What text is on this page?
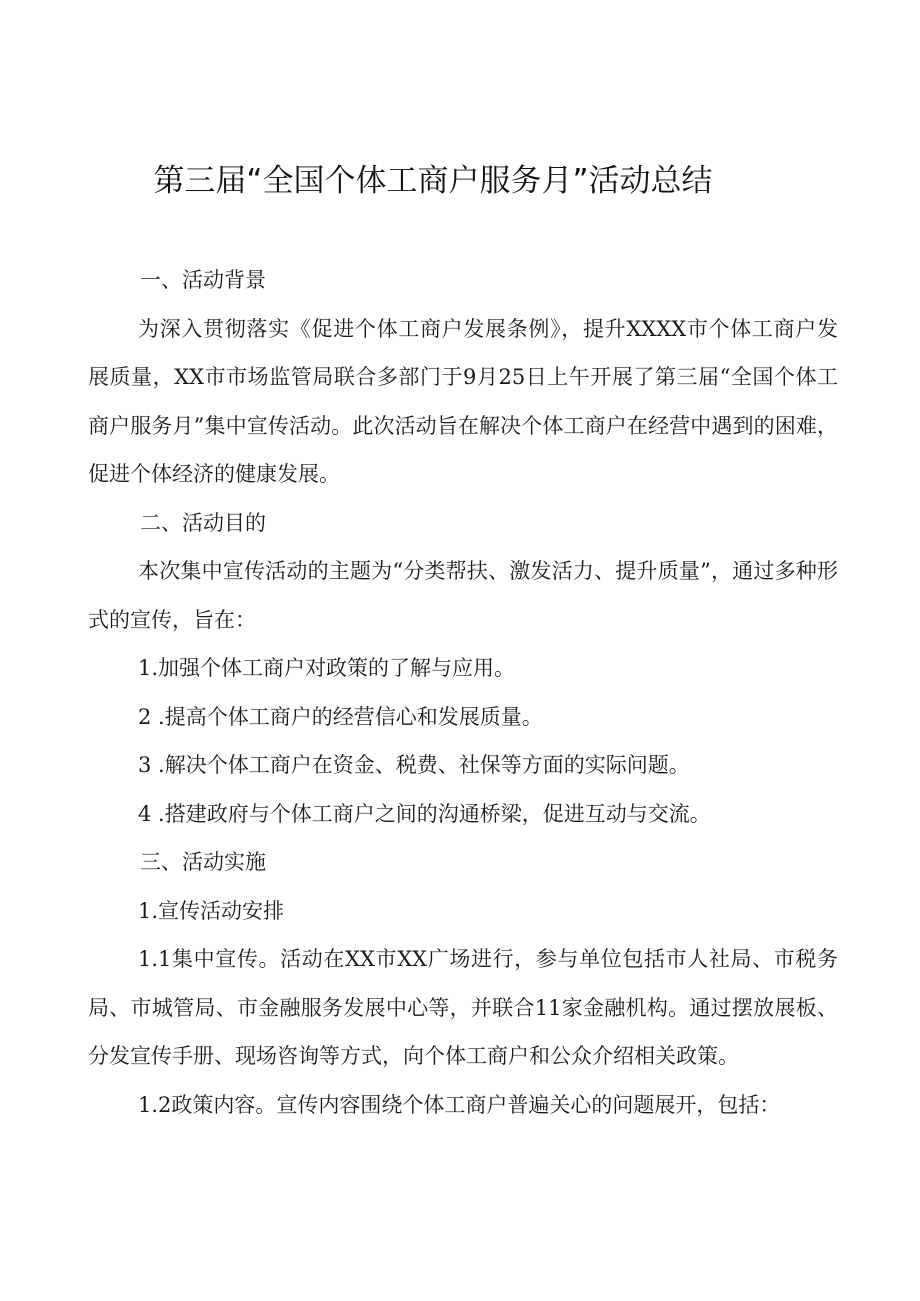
第三届“全国个体工商户服务月”活动总结

一、活动背景

为深入贯彻落实《促进个体工商户发展条例》，提升XXXX市个体工商户发展质量，XX市市场监管局联合多部门于9月25日上午开展了第三届“全国个体工商户服务月”集中宣传活动。此次活动旨在解决个体工商户在经营中遇到的困难，促进个体经济的健康发展。

二、活动目的

本次集中宣传活动的主题为“分类帮扶、激发活力、提升质量”，通过多种形式的宣传，旨在：

1.加强个体工商户对政策的了解与应用。

2 .提高个体工商户的经营信心和发展质量。

3 .解决个体工商户在资金、税费、社保等方面的实际问题。

4 .搭建政府与个体工商户之间的沟通桥梁，促进互动与交流。

三、活动实施

1.宣传活动安排

1.1集中宣传。活动在XX市XX广场进行，参与单位包括市人社局、市税务局、市城管局、市金融服务发展中心等，并联合11家金融机构。通过摆放展板、分发宣传手册、现场咨询等方式，向个体工商户和公众介绍相关政策。

1.2政策内容。宣传内容围绕个体工商户普遍关心的问题展开，包括：
